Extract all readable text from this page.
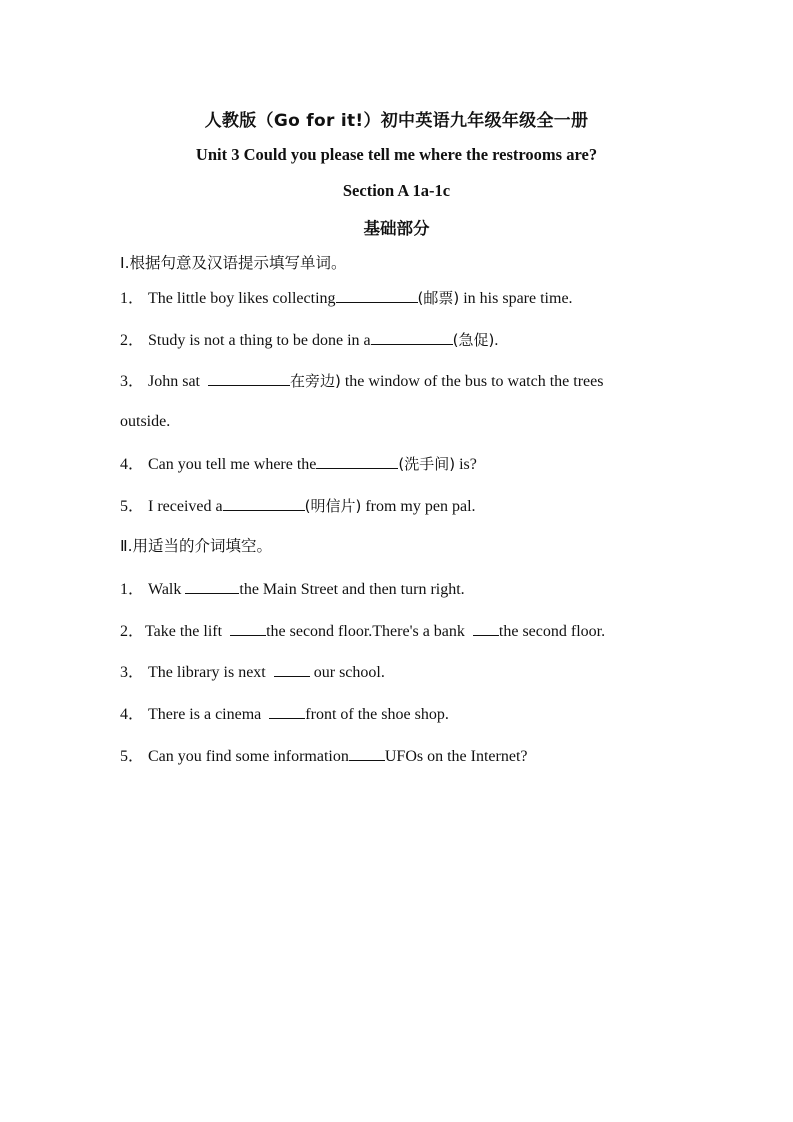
人教版（Go for it!）初中英语九年级年级全一册
Unit 3 Could you please tell me where the restrooms are?
Section A 1a-1c
基础部分
Ⅰ.根据句意及汉语提示填写单词。
1． The little boy likes collecting	(邮票) in his spare time.
2． Study is not a thing to be done in a	(急促).
3． John sat	在旁边) the window of the bus to watch the trees
outside.
4． Can you tell me where the	(洗手间) is?
5． I received a	(明信片) from my pen pal.
Ⅱ.用适当的介词填空。
1． Walk	the Main Street and then turn right.
2．Take the lift	the second floor.There's a bank the second floor.
3． The library is next	our school.
4． There is a cinema	front of the shoe shop.
5． Can you find some information UFOs on the Internet?
